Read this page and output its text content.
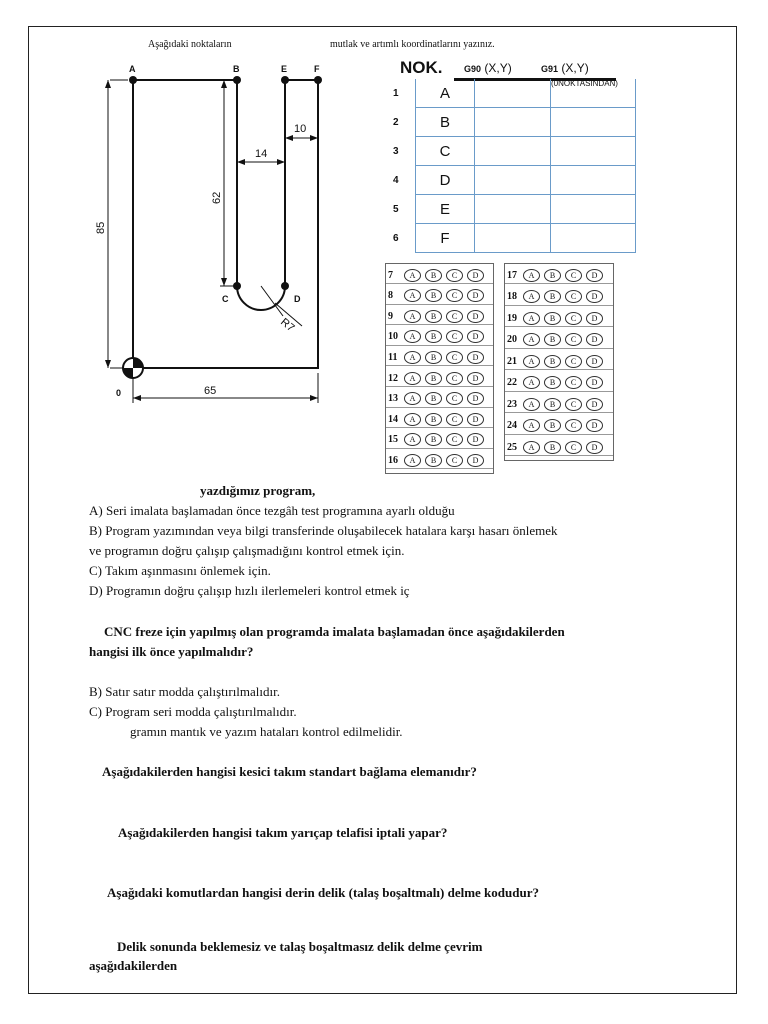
Aşağıdaki noktaların	mutlak ve artımlı koordinatlarını yazınız.
A	B	E	F
C	D
0
10
14
62
85
65
R7
NOK. G90 (X,Y)	G91 (X,Y)
1	A		(0NOKTASINDAN)
2	B		
3	C		
4	D		
5	E		
6	F		
7	A	B	C	D
8	A	B	C	D
9	A	B	C	D
10	A	B	C	D
11	A	B	C	D
12	A	B	C	D
13	A	B	C	D
14	A	B	C	D
15	A	B	C	D
16	A	B	C	D
17	A	B	C	D
18	A	B	C	D
19	A	B	C	D
20	A	B	C	D
21	A	B	C	D
22	A	B	C	D
23	A	B	C	D
24	A	B	C	D
25	A	B	C	D
yazdığımız program,
A) Seri imalata başlamadan önce tezgâh test programına ayarlı olduğu
B) Program yazımından veya bilgi transferinde oluşabilecek hatalara karşı hasarı önlemek
ve programın doğru çalışıp çalışmadığını kontrol etmek için.
C) Takım aşınmasını önlemek için.
D) Programın doğru çalışıp hızlı ilerlemeleri kontrol etmek iç
CNC freze için yapılmış olan programda imalata başlamadan önce aşağıdakilerden
hangisi ilk önce yapılmalıdır?
B) Satır satır modda çalıştırılmalıdır.
C) Program seri modda çalıştırılmalıdır.
gramın mantık ve yazım hataları kontrol edilmelidir.
Aşağıdakilerden hangisi kesici takım standart bağlama elemanıdır?
Aşağıdakilerden hangisi takım yarıçap telafisi iptali yapar?
Aşağıdaki komutlardan hangisi derin delik (talaş boşaltmalı) delme kodudur?
Delik sonunda beklemesiz ve talaş boşaltmasız delik delme çevrim
aşağıdakilerden
